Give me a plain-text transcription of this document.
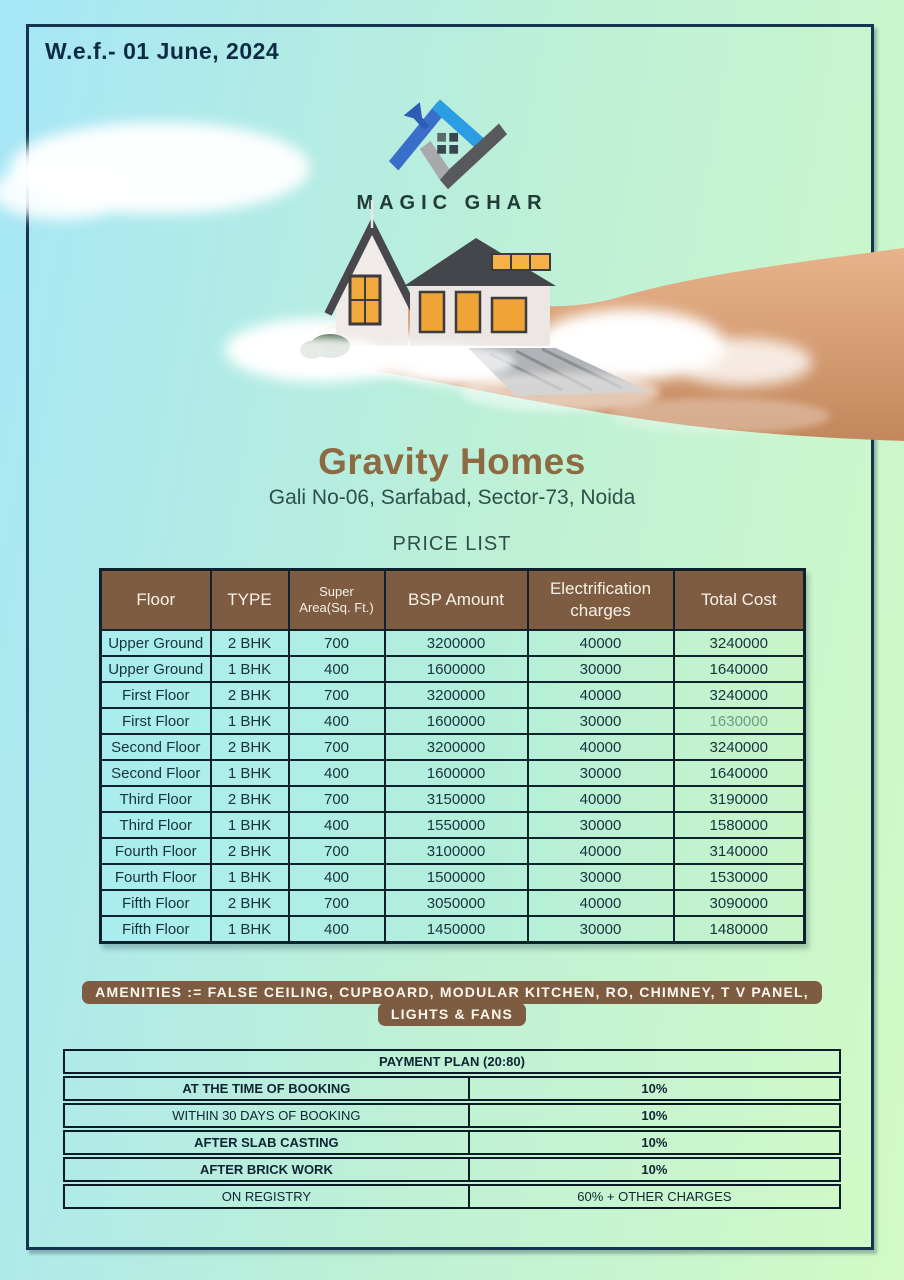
W.e.f.- 01 June, 2024
MAGIC GHAR
Gravity Homes
Gali No-06, Sarfabad, Sector-73, Noida
PRICE LIST
Floor	TYPE	Super Area(Sq. Ft.)	BSP Amount	Electrification charges	Total Cost
Upper Ground	2 BHK	700	3200000	40000	3240000
Upper Ground	1 BHK	400	1600000	30000	1640000
First Floor	2 BHK	700	3200000	40000	3240000
First Floor	1 BHK	400	1600000	30000	1630000
Second Floor	2 BHK	700	3200000	40000	3240000
Second Floor	1 BHK	400	1600000	30000	1640000
Third Floor	2 BHK	700	3150000	40000	3190000
Third Floor	1 BHK	400	1550000	30000	1580000
Fourth Floor	2 BHK	700	3100000	40000	3140000
Fourth Floor	1 BHK	400	1500000	30000	1530000
Fifth Floor	2 BHK	700	3050000	40000	3090000
Fifth Floor	1 BHK	400	1450000	30000	1480000
AMENITIES := FALSE CEILING, CUPBOARD, MODULAR KITCHEN, RO, CHIMNEY, T V PANEL,
LIGHTS & FANS
PAYMENT PLAN (20:80)
AT THE TIME OF BOOKING	10%
WITHIN 30 DAYS OF BOOKING	10%
AFTER SLAB CASTING	10%
AFTER BRICK WORK	10%
ON REGISTRY	60% + OTHER CHARGES
